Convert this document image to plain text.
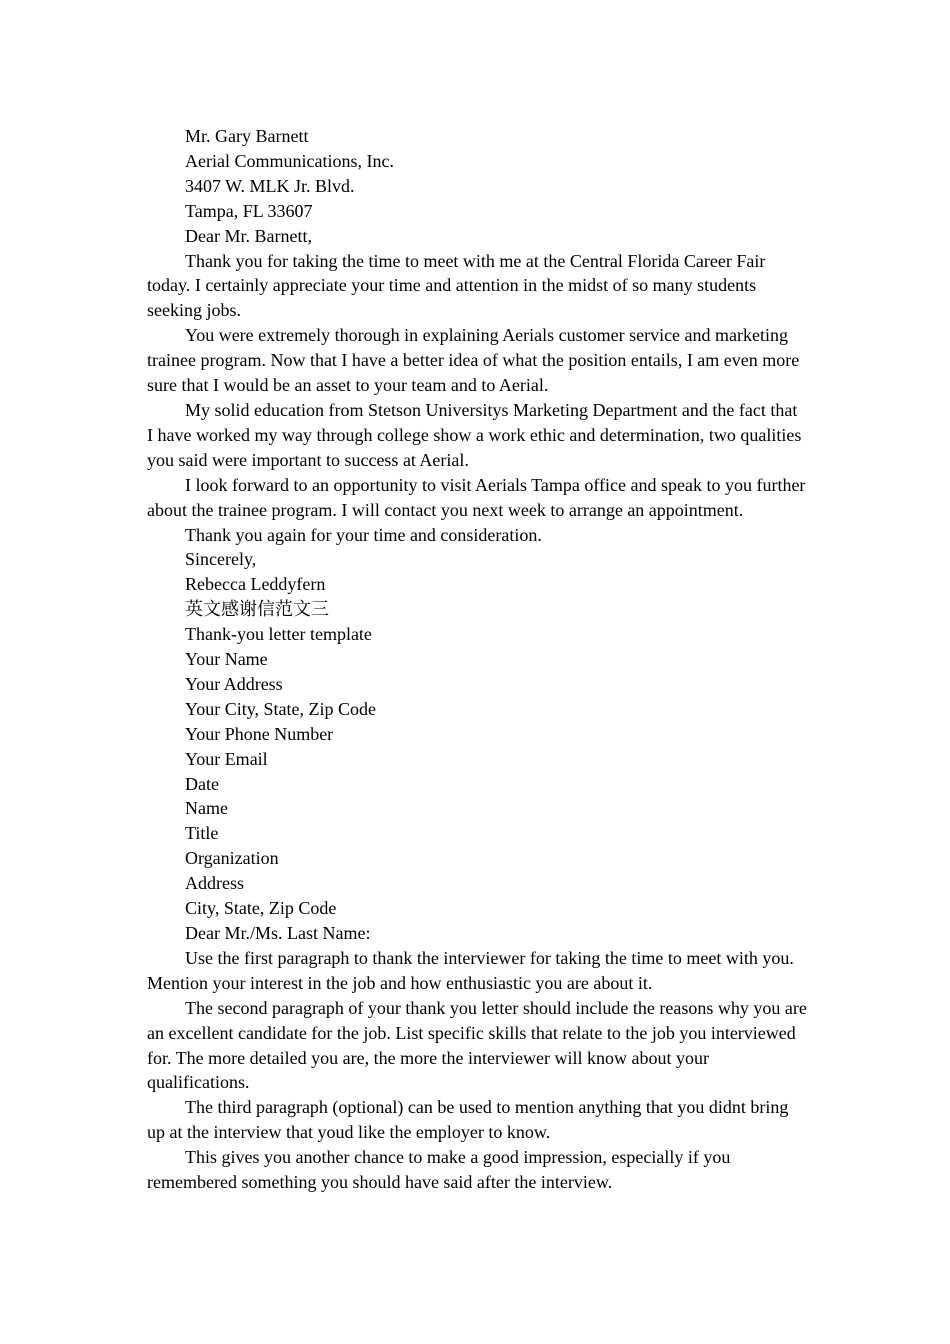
Mr. Gary Barnett

Aerial Communications, Inc.

3407 W. MLK Jr. Blvd.

Tampa, FL 33607

Dear Mr. Barnett,

Thank you for taking the time to meet with me at the Central Florida Career Fair today. I certainly appreciate your time and attention in the midst of so many students seeking jobs.

You were extremely thorough in explaining Aerials customer service and marketing trainee program. Now that I have a better idea of what the position entails, I am even more sure that I would be an asset to your team and to Aerial.

My solid education from Stetson Universitys Marketing Department and the fact that I have worked my way through college show a work ethic and determination, two qualities you said were important to success at Aerial.

I look forward to an opportunity to visit Aerials Tampa office and speak to you further about the trainee program. I will contact you next week to arrange an appointment.

Thank you again for your time and consideration.

Sincerely,

Rebecca Leddyfern

英文感谢信范文三

Thank-you letter template

Your Name

Your Address

Your City, State, Zip Code

Your Phone Number

Your Email

Date

Name

Title

Organization

Address

City, State, Zip Code

Dear Mr./Ms. Last Name:

Use the first paragraph to thank the interviewer for taking the time to meet with you. Mention your interest in the job and how enthusiastic you are about it.

The second paragraph of your thank you letter should include the reasons why you are an excellent candidate for the job. List specific skills that relate to the job you interviewed for. The more detailed you are, the more the interviewer will know about your qualifications.

The third paragraph (optional) can be used to mention anything that you didnt bring up at the interview that youd like the employer to know.

This gives you another chance to make a good impression, especially if you remembered something you should have said after the interview.
